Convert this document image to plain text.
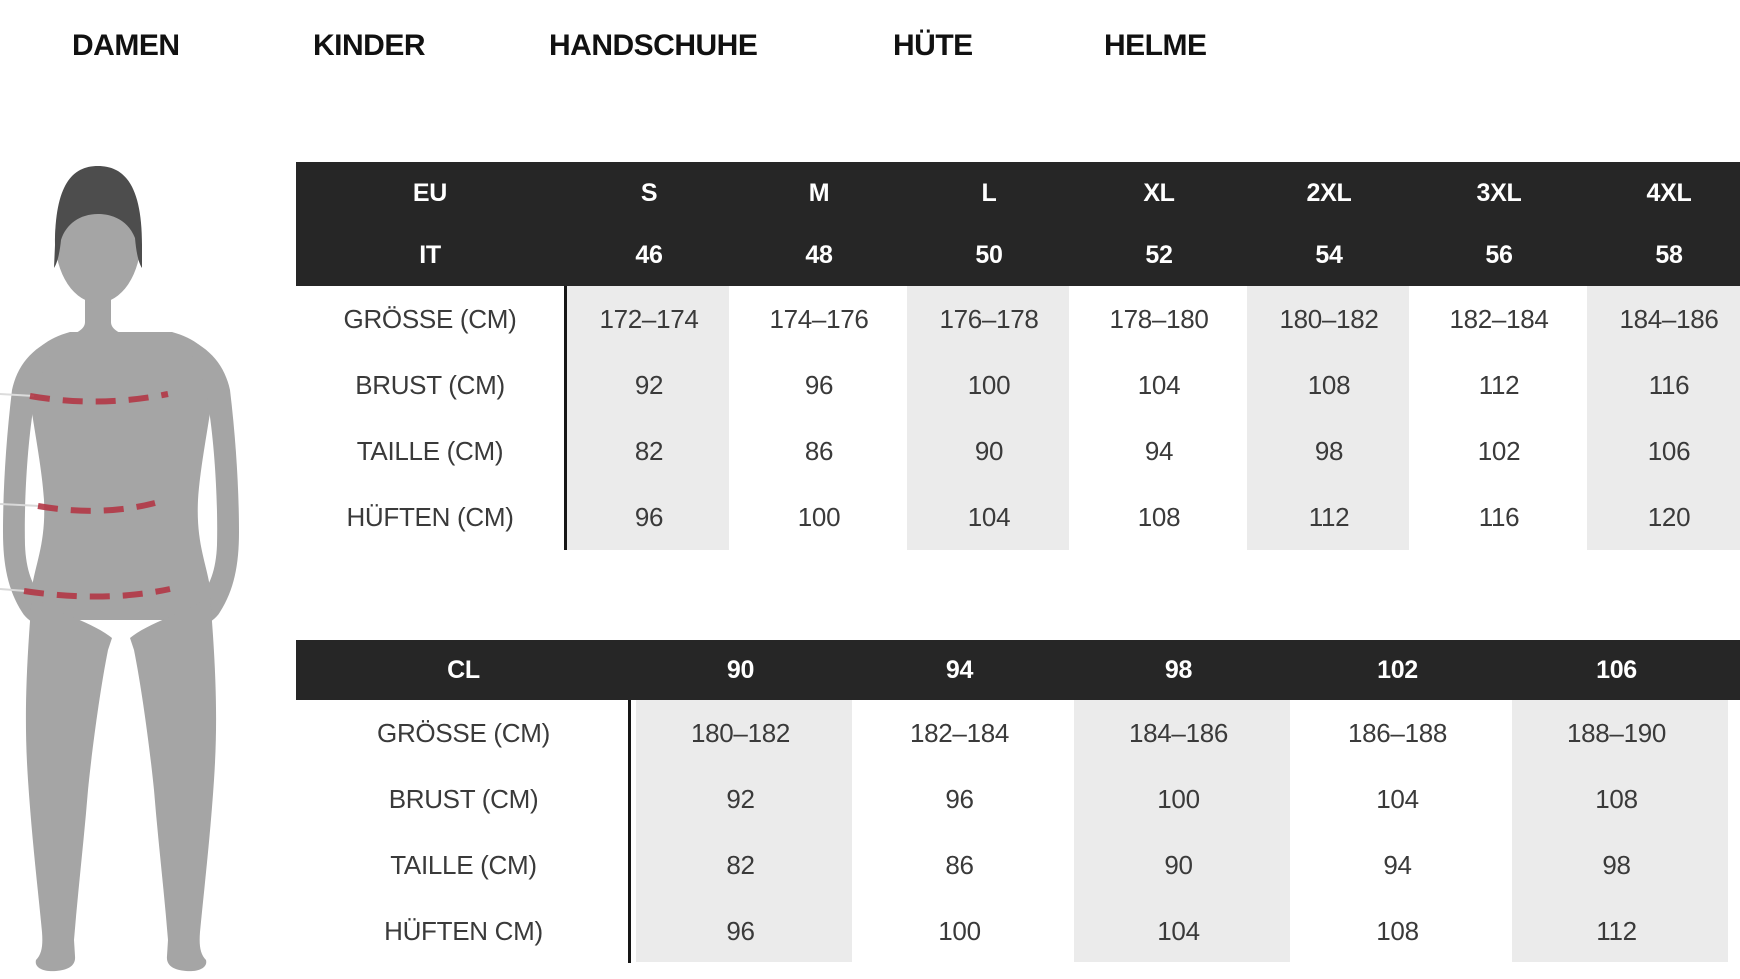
DAMEN	KINDER	HANDSCHUHE	HÜTE	HELME
EU	S	M	L	XL	2XL	3XL	4XL
IT	46	48	50	52	54	56	58
GRÖSSE (CM)	172–174	174–176	176–178	178–180	180–182	182–184	184–186
BRUST (CM)	92	96	100	104	108	112	116
TAILLE (CM)	82	86	90	94	98	102	106
HÜFTEN (CM)	96	100	104	108	112	116	120
CL	90	94	98	102	106
GRÖSSE (CM)	180–182	182–184	184–186	186–188	188–190
BRUST (CM)	92	96	100	104	108
TAILLE (CM)	82	86	90	94	98
HÜFTEN CM)	96	100	104	108	112
